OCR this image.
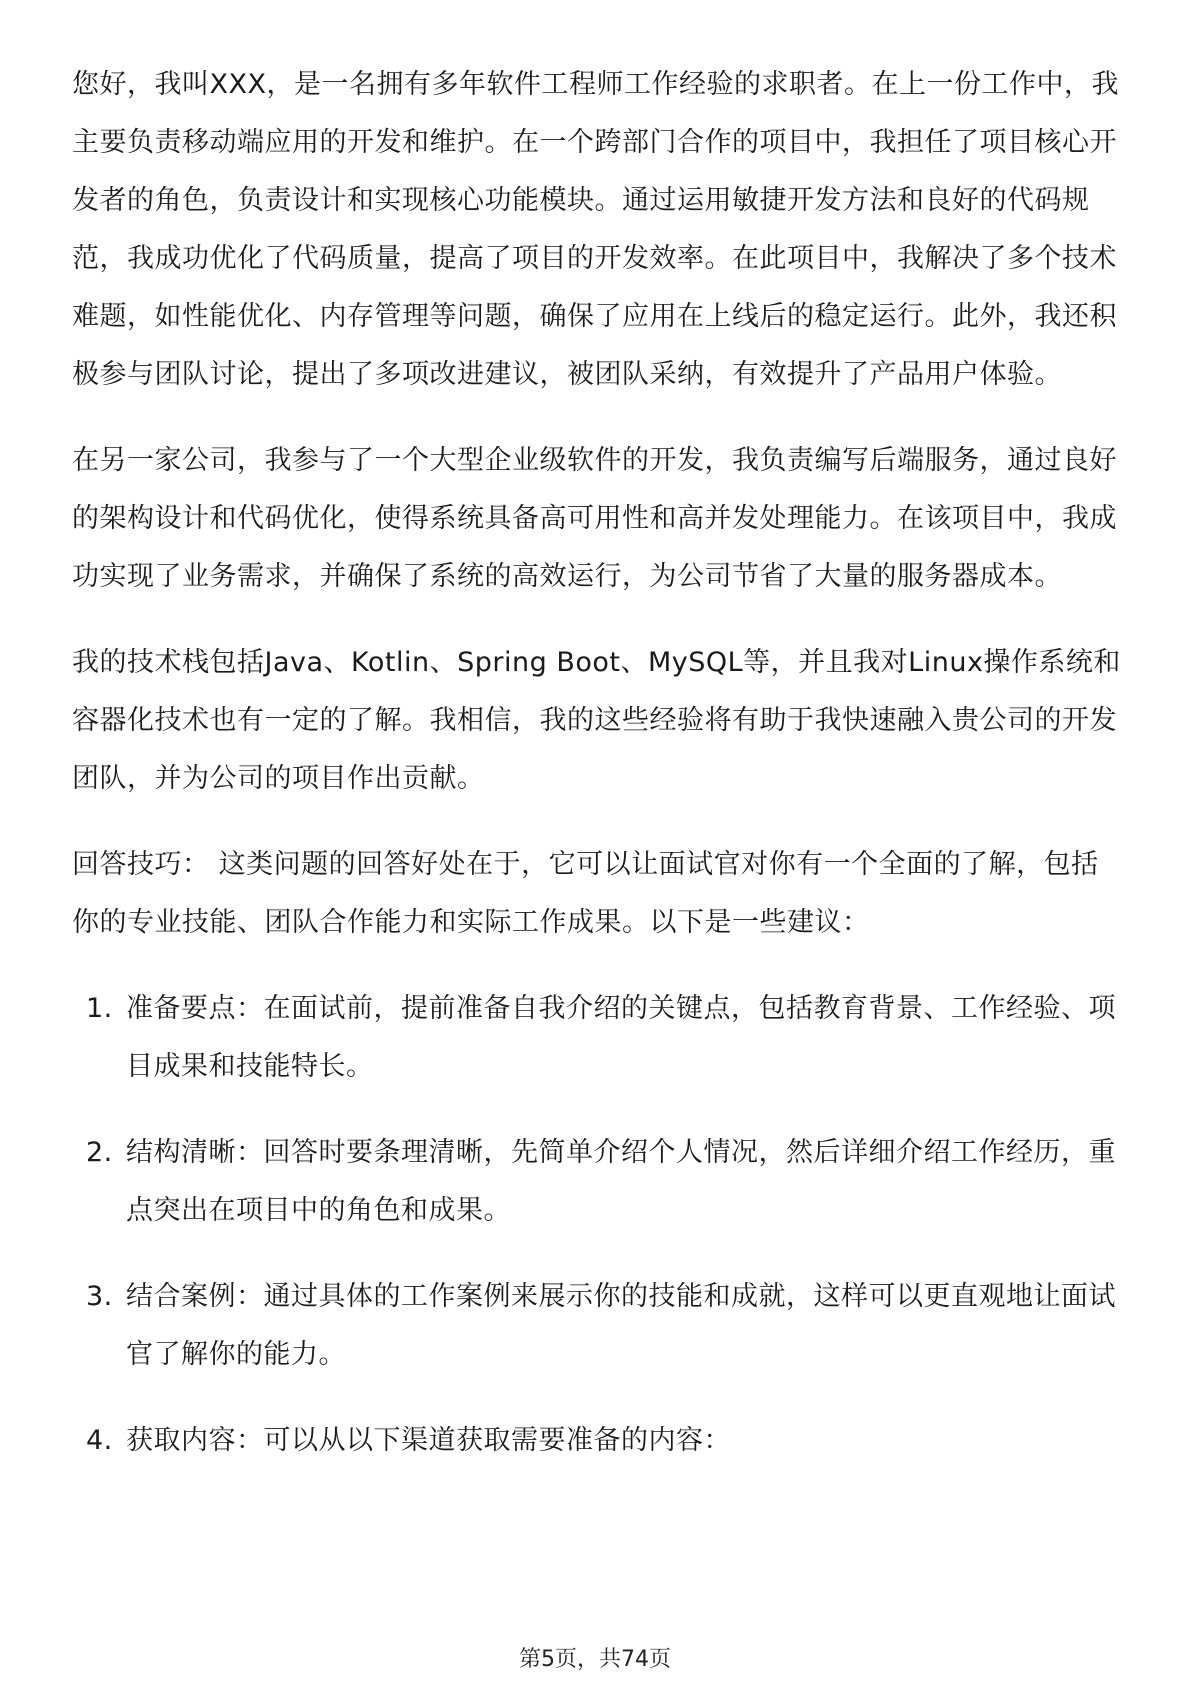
您好，我叫XXX，是一名拥有多年软件工程师工作经验的求职者。在上一份工作中，我主要负责移动端应用的开发和维护。在一个跨部门合作的项目中，我担任了项目核心开发者的角色，负责设计和实现核心功能模块。通过运用敏捷开发方法和良好的代码规范，我成功优化了代码质量，提高了项目的开发效率。在此项目中，我解决了多个技术难题，如性能优化、内存管理等问题，确保了应用在上线后的稳定运行。此外，我还积极参与团队讨论，提出了多项改进建议，被团队采纳，有效提升了产品用户体验。

在另一家公司，我参与了一个大型企业级软件的开发，我负责编写后端服务，通过良好的架构设计和代码优化，使得系统具备高可用性和高并发处理能力。在该项目中，我成功实现了业务需求，并确保了系统的高效运行，为公司节省了大量的服务器成本。

我的技术栈包括Java、Kotlin、Spring Boot、MySQL等，并且我对Linux操作系统和容器化技术也有一定的了解。我相信，我的这些经验将有助于我快速融入贵公司的开发团队，并为公司的项目作出贡献。

回答技巧： 这类问题的回答好处在于，它可以让面试官对你有一个全面的了解，包括你的专业技能、团队合作能力和实际工作成果。以下是一些建议：

1. 准备要点：在面试前，提前准备自我介绍的关键点，包括教育背景、工作经验、项目成果和技能特长。
2. 结构清晰：回答时要条理清晰，先简单介绍个人情况，然后详细介绍工作经历，重点突出在项目中的角色和成果。
3. 结合案例：通过具体的工作案例来展示你的技能和成就，这样可以更直观地让面试官了解你的能力。
4. 获取内容：可以从以下渠道获取需要准备的内容：
第5页，共74页
